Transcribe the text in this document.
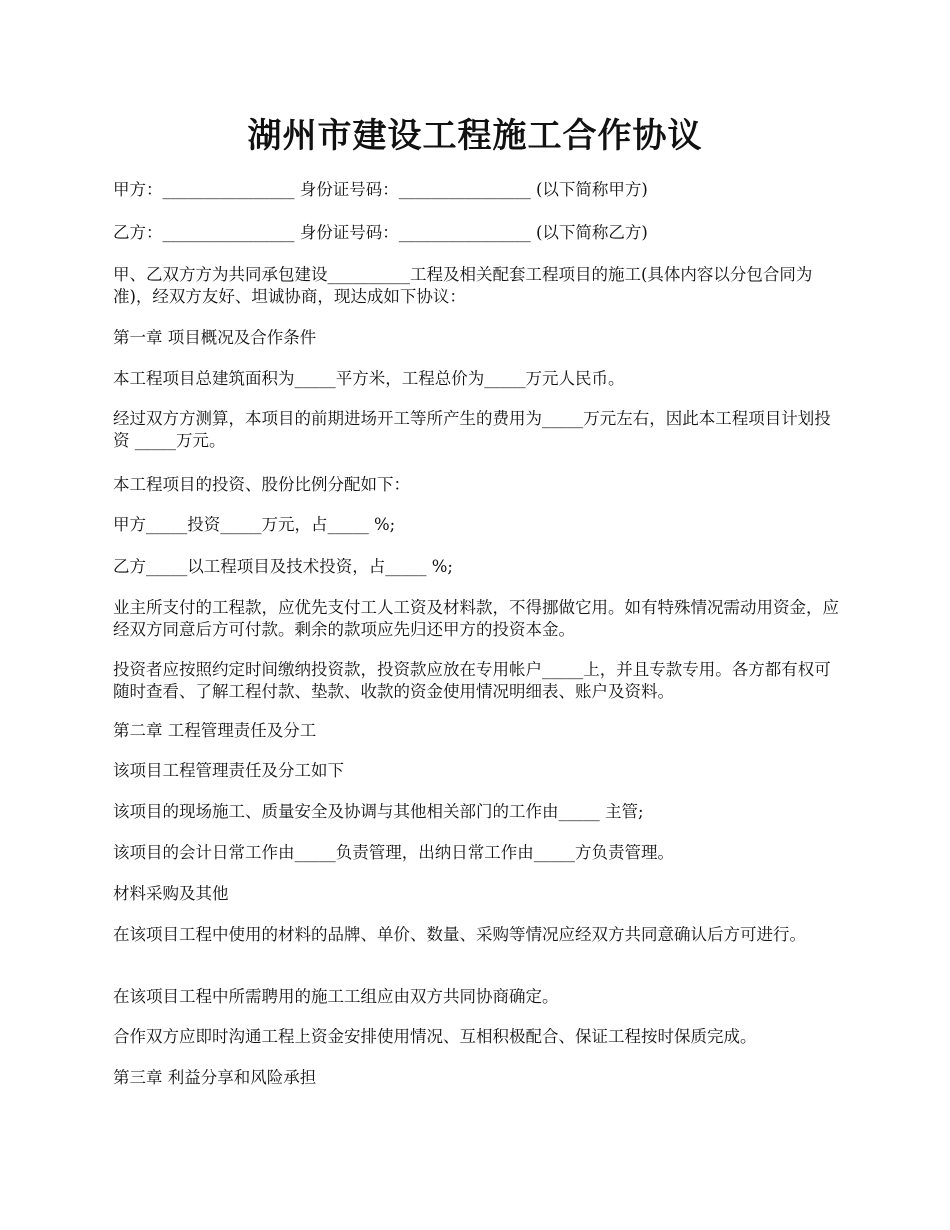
湖州市建设工程施工合作协议
甲方：________________ 身份证号码：________________ (以下简称甲方)
乙方：________________ 身份证号码：________________ (以下简称乙方)
甲、乙双方方为共同承包建设__________工程及相关配套工程项目的施工(具体内容以分包合同为准)，经双方友好、坦诚协商，现达成如下协议：
第一章 项目概况及合作条件
本工程项目总建筑面积为_____平方米，工程总价为_____万元人民币。
经过双方方测算，本项目的前期进场开工等所产生的费用为_____万元左右，因此本工程项目计划投资 _____万元。
本工程项目的投资、股份比例分配如下：
甲方_____投资_____万元，占_____ %;
乙方_____以工程项目及技术投资，占_____ %;
业主所支付的工程款，应优先支付工人工资及材料款，不得挪做它用。如有特殊情况需动用资金，应经双方同意后方可付款。剩余的款项应先归还甲方的投资本金。
投资者应按照约定时间缴纳投资款，投资款应放在专用帐户_____上，并且专款专用。各方都有权可随时查看、了解工程付款、垫款、收款的资金使用情况明细表、账户及资料。
第二章 工程管理责任及分工
该项目工程管理责任及分工如下
该项目的现场施工、质量安全及协调与其他相关部门的工作由_____ 主管;
该项目的会计日常工作由_____负责管理，出纳日常工作由_____方负责管理。
材料采购及其他
在该项目工程中使用的材料的品牌、单价、数量、采购等情况应经双方共同意确认后方可进行。
在该项目工程中所需聘用的施工工组应由双方共同协商确定。
合作双方应即时沟通工程上资金安排使用情况、互相积极配合、保证工程按时保质完成。
第三章 利益分享和风险承担
